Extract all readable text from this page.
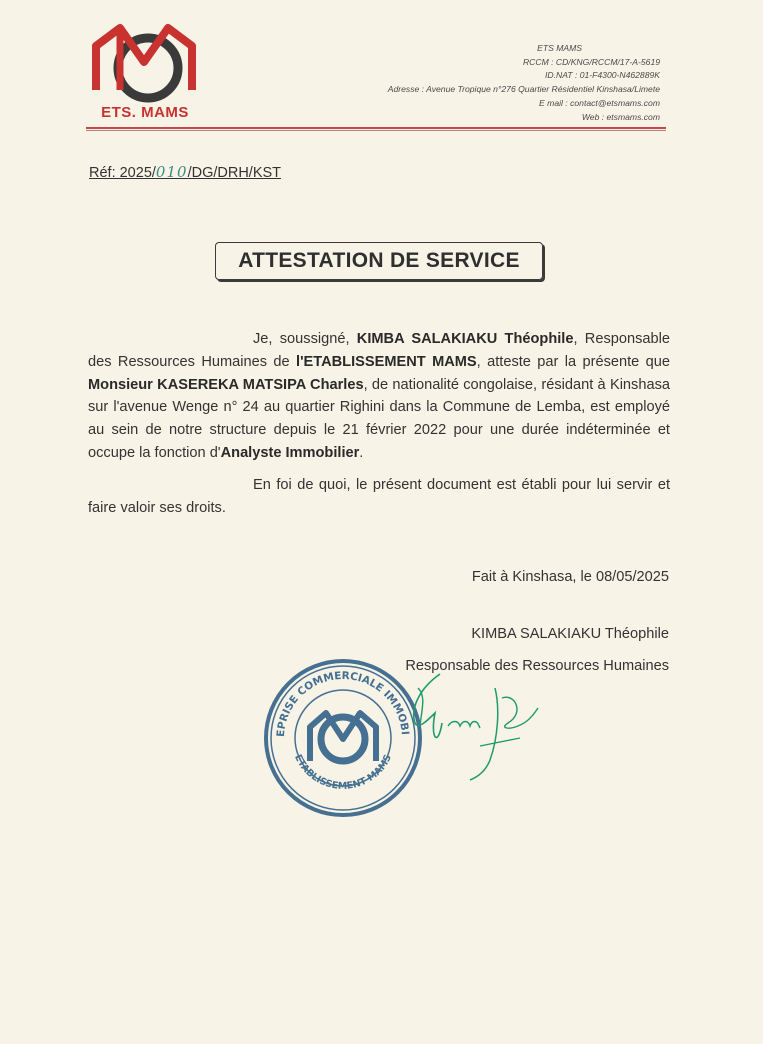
ETS. MAMS
ETS MAMS
RCCM : CD/KNG/RCCM/17-A-5619
ID.NAT : 01-F4300-N462889K
Adresse : Avenue Tropique n°276 Quartier Résidentiel Kinshasa/Limete
E mail : contact@etsmams.com
Web : etsmams.com
Réf: 2025/010/DG/DRH/KST
ATTESTATION DE SERVICE

Je, soussigné, KIMBA SALAKIAKU Théophile, Responsable des Ressources Humaines de l'ETABLISSEMENT MAMS, atteste par la présente que Monsieur KASEREKA MATSIPA Charles, de nationalité congolaise, résidant à Kinshasa sur l'avenue Wenge n° 24 au quartier Righini dans la Commune de Lemba, est employé au sein de notre structure depuis le 21 février 2022 pour une durée indéterminée et occupe la fonction d'Analyste Immobilier.

En foi de quoi, le présent document est établi pour lui servir et faire valoir ses droits.

Fait à Kinshasa, le 08/05/2025
KIMBA SALAKIAKU Théophile
Responsable des Ressources Humaines
EPRISE COMMERCIALE IMMOBI
ETABLISSEMENT MAMS
